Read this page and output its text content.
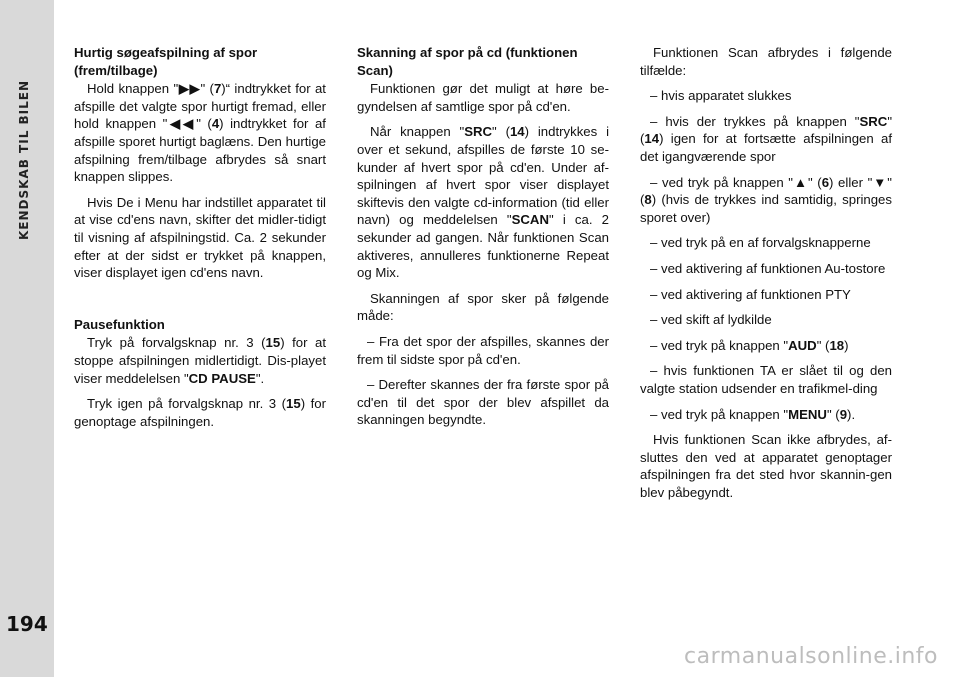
KENDSKAB TIL BILEN
194
Hurtig søgeafspilning af spor (frem/tilbage)

Hold knappen "▶▶" (7)“ indtrykket for at afspille det valgte spor hurtigt fremad, eller hold knappen "◀◀" (4) indtrykket for af afspille sporet hurtigt baglæns. Den hurtige afspilning frem/tilbage afbrydes så snart knappen slippes.

Hvis De i Menu har indstillet apparatet til at vise cd'ens navn, skifter det midler-tidigt til visning af afspilningstid. Ca. 2 sekunder efter at der sidst er trykket på knappen, viser displayet igen cd'ens navn.

Pausefunktion

Tryk på forvalgsknap nr. 3 (15) for at stoppe afspilningen midlertidigt. Dis-playet viser meddelelsen "CD PAUSE".

Tryk igen på forvalgsknap nr. 3 (15) for genoptage afspilningen.

Skanning af spor på cd (funktionen Scan)

Funktionen gør det muligt at høre be-gyndelsen af samtlige spor på cd'en.

Når knappen "SRC" (14) indtrykkes i over et sekund, afspilles de første 10 se-kunder af hvert spor på cd'en. Under af-spilningen af hvert spor viser displayet skiftevis den valgte cd-information (tid eller navn) og meddelelsen "SCAN" i ca. 2 sekunder ad gangen. Når funktionen Scan aktiveres, annulleres funktionerne Repeat og Mix.

Skanningen af spor sker på følgende måde:

– Fra det spor der afspilles, skannes der frem til sidste spor på cd'en.

– Derefter skannes der fra første spor på cd'en til det spor der blev afspillet da skanningen begyndte.

Funktionen Scan afbrydes i følgende tilfælde:

– hvis apparatet slukkes

– hvis der trykkes på knappen "SRC" (14) igen for at fortsætte afspilningen af det igangværende spor

– ved tryk på knappen "▲" (6) eller "▼" (8) (hvis de trykkes ind samtidig, springes sporet over)

– ved tryk på en af forvalgsknapperne

– ved aktivering af funktionen Au-tostore

– ved aktivering af funktionen PTY

– ved skift af lydkilde

– ved tryk på knappen "AUD" (18)

– hvis funktionen TA er slået til og den valgte station udsender en trafikmel-ding

– ved tryk på knappen "MENU" (9).

Hvis funktionen Scan ikke afbrydes, af-sluttes den ved at apparatet genoptager afspilningen fra det sted hvor skannin-gen blev påbegyndt.

carmanualsonline.info
